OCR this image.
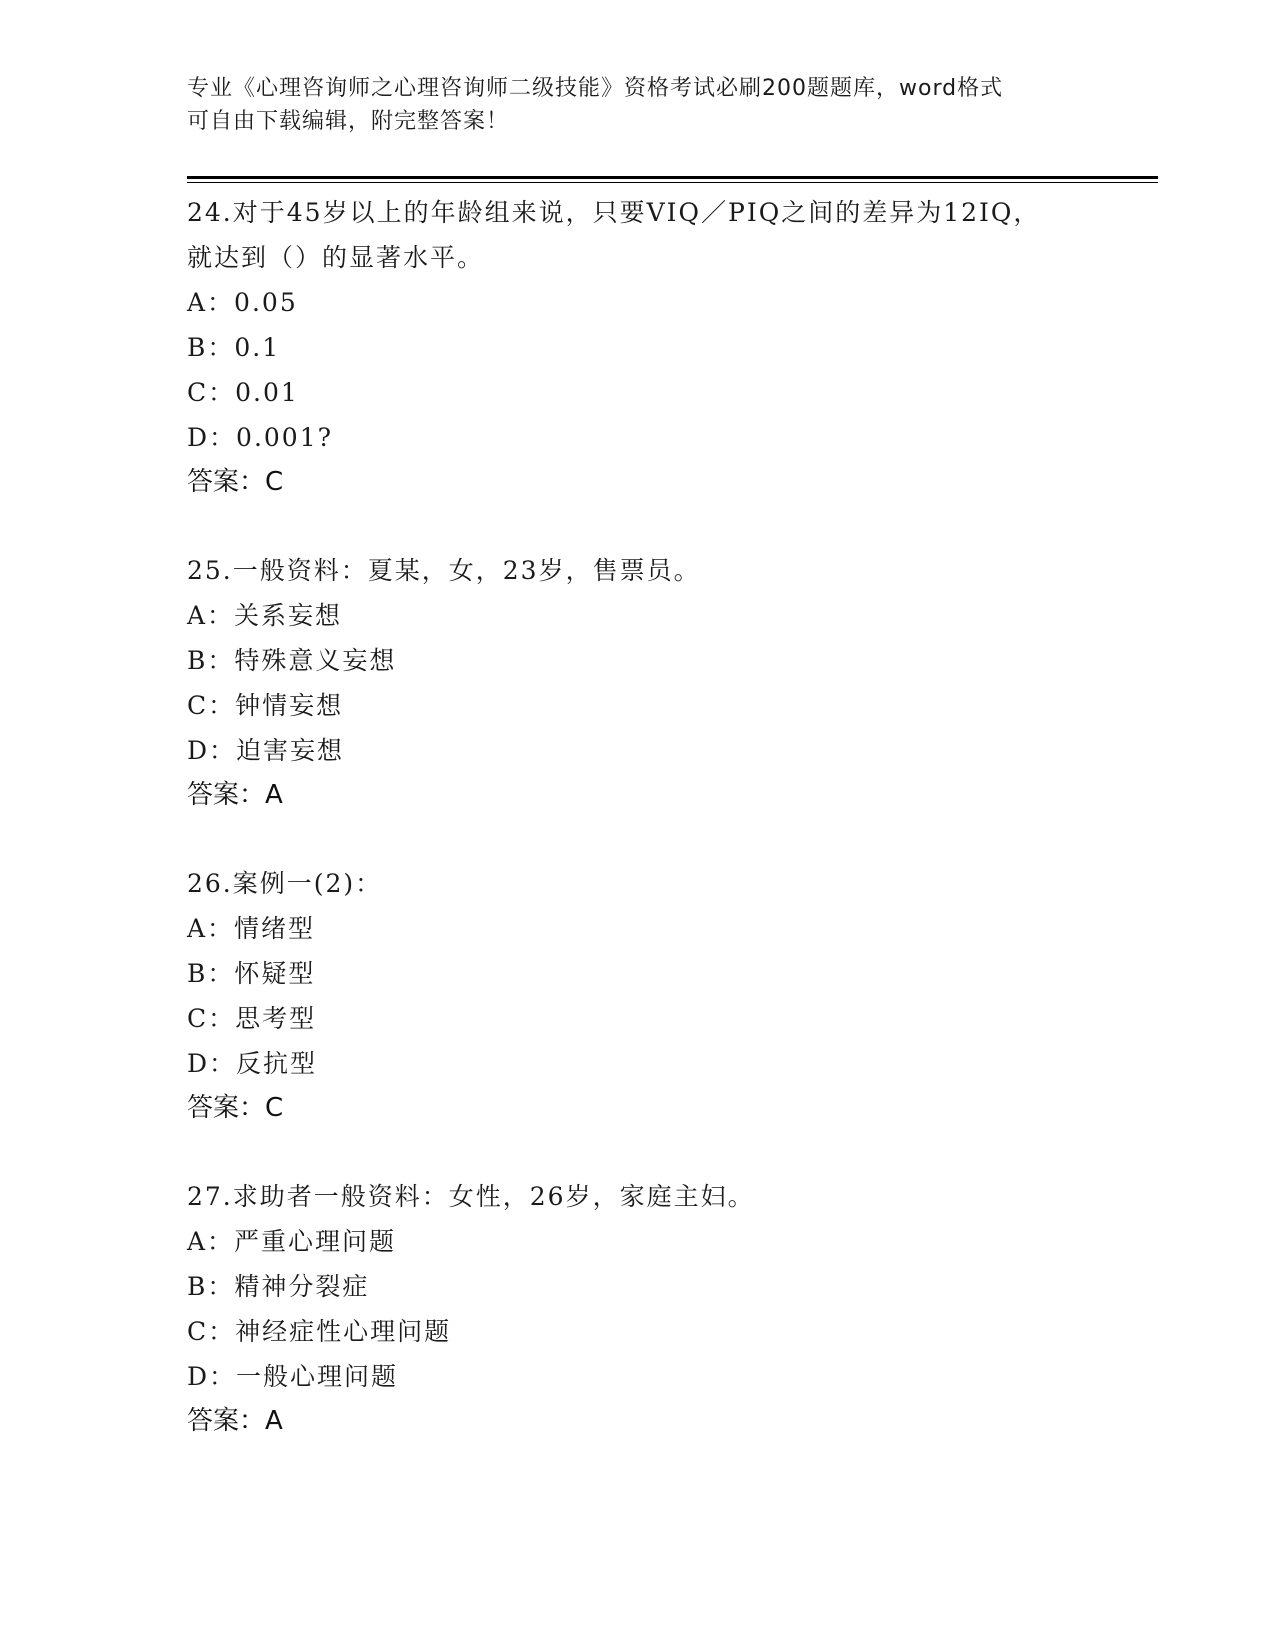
专业《心理咨询师之心理咨询师二级技能》资格考试必刷200题题库，word格式
可自由下载编辑，附完整答案！

24.对于45岁以上的年龄组来说，只要VIQ／PIQ之间的差异为12IQ，

就达到（）的显著水平。

A：0.05

B：0.1

C：0.01

D：0.001?

答案：C

25.一般资料：夏某，女，23岁，售票员。

A：关系妄想

B：特殊意义妄想

C：钟情妄想

D：迫害妄想

答案：A

26.案例一(2)：

A：情绪型

B：怀疑型

C：思考型

D：反抗型

答案：C

27.求助者一般资料：女性，26岁，家庭主妇。

A：严重心理问题

B：精神分裂症

C：神经症性心理问题

D：一般心理问题

答案：A
